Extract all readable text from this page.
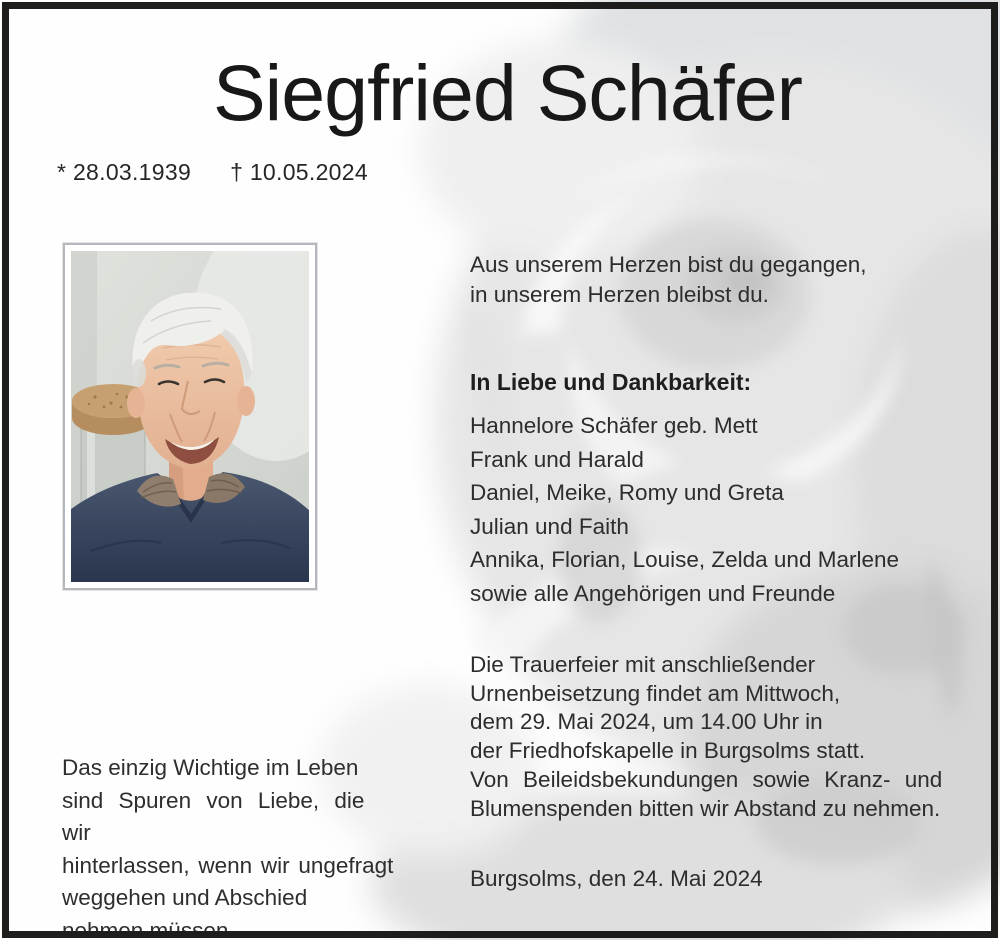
Siegfried Schäfer
* 28.03.1939 † 10.05.2024
Aus unserem Herzen bist du gegangen,
in unserem Herzen bleibst du.
In Liebe und Dankbarkeit:
Hannelore Schäfer geb. Mett
Frank und Harald
Daniel, Meike, Romy und Greta
Julian und Faith
Annika, Florian, Louise, Zelda und Marlene
sowie alle Angehörigen und Freunde
Die Trauerfeier mit anschließender
Urnenbeisetzung findet am Mittwoch,
dem 29. Mai 2024, um 14.00 Uhr in
der Friedhofskapelle in Burgsolms statt.
Von Beileidsbekundungen sowie Kranz- und
Blumenspenden bitten wir Abstand zu nehmen.
Das einzig Wichtige im Leben
sind Spuren von Liebe, die wir
hinterlassen, wenn wir ungefragt
weggehen und Abschied
nehmen müssen.
Burgsolms, den 24. Mai 2024
